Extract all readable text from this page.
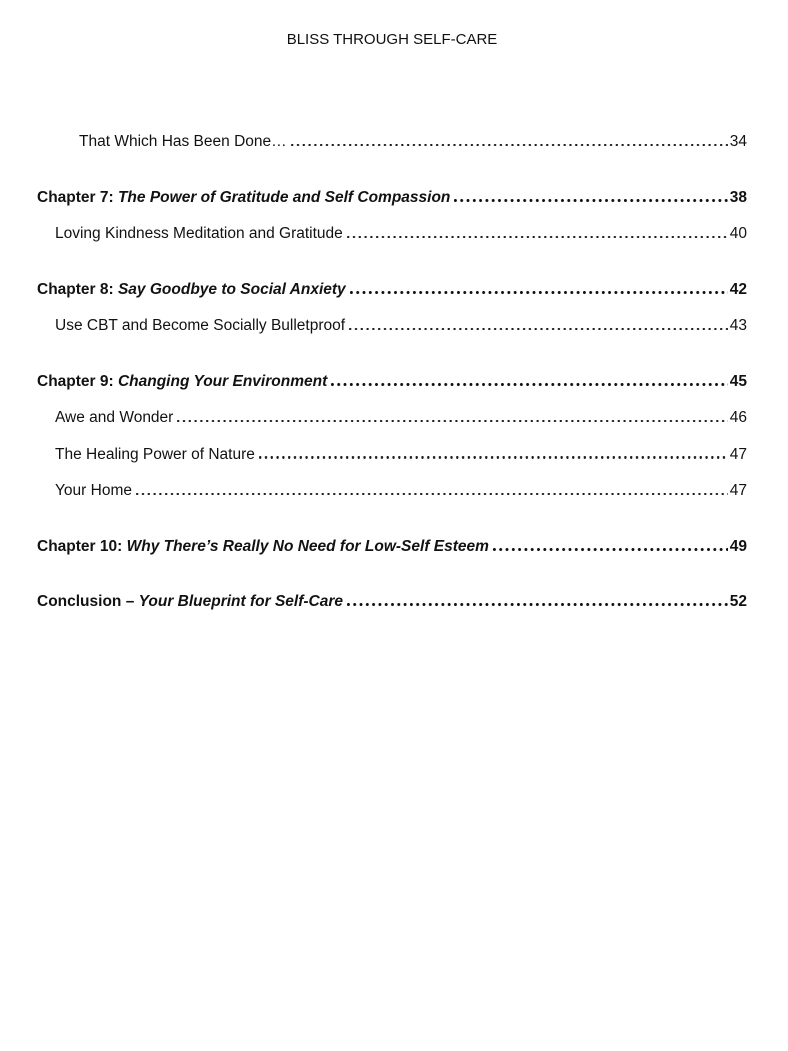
BLISS THROUGH SELF-CARE
That Which Has Been Done…	34
Chapter 7: The Power of Gratitude and Self Compassion	38
Loving Kindness Meditation and Gratitude	40
Chapter 8: Say Goodbye to Social Anxiety	42
Use CBT and Become Socially Bulletproof	43
Chapter 9: Changing Your Environment	45
Awe and Wonder	46
The Healing Power of Nature	47
Your Home	47
Chapter 10: Why There’s Really No Need for Low-Self Esteem	49
Conclusion – Your Blueprint for Self-Care	52
